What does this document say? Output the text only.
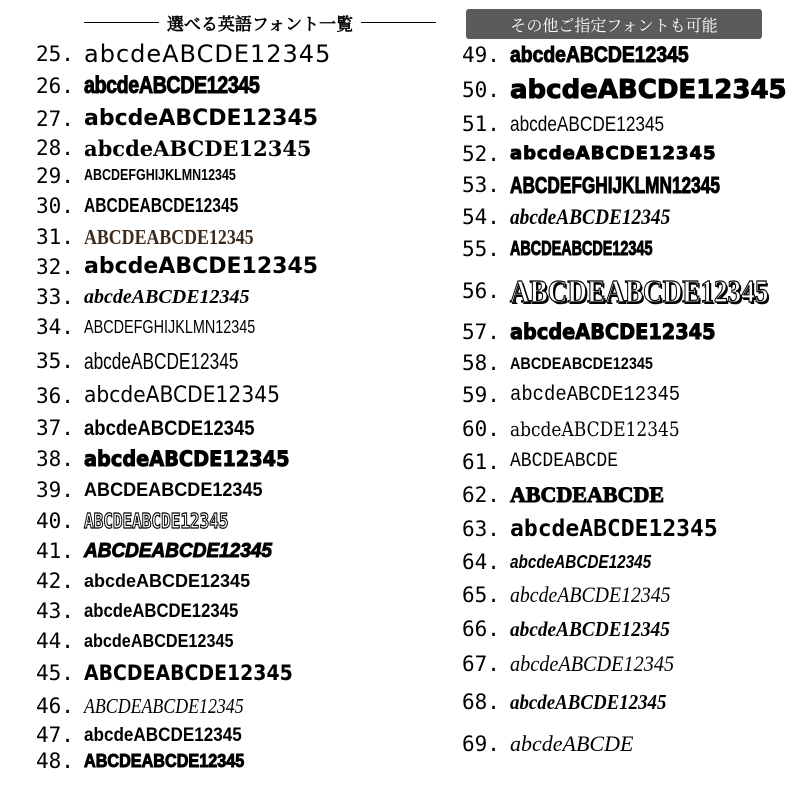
選べる英語フォント一覧	その他ご指定フォントも可能
25. abcdeABCDE12345
26. abcdeABCDE12345
27. abcdeABCDE12345
28. abcdeABCDE12345
29. ABCDEFGHIJKLMN12345
30. ABCDEABCDE12345
31. ABCDEABCDE12345
32. abcdeABCDE12345
33. abcdeABCDE12345
34. ABCDEFGHIJKLMN12345
35. abcdeABCDE12345
36. abcdeABCDE12345
37. abcdeABCDE12345
38. abcdeABCDE12345
39. ABCDEABCDE12345
40. ABCDEABCDE12345
41. ABCDEABCDE12345
42. abcdeABCDE12345
43. abcdeABCDE12345
44. abcdeABCDE12345
45. ABCDEABCDE12345
46. ABCDEABCDE12345
47. abcdeABCDE12345
48. ABCDEABCDE12345
49. abcdeABCDE12345
50. abcdeABCDE12345
51. abcdeABCDE12345
52. abcdeABCDE12345
53. ABCDEFGHIJKLMN12345
54. abcdeABCDE12345
55. ABCDEABCDE12345
56. ABCDEABCDE12345
57. abcdeABCDE12345
58. ABCDEABCDE12345
59. abcdeABCDE12345
60. abcdeABCDE12345
61. ABCDEABCDE
62. ABCDEABCDE
63. abcdeABCDE12345
64. abcdeABCDE12345
65. abcdeABCDE12345
66. abcdeABCDE12345
67. abcdeABCDE12345
68. abcdeABCDE12345
69. abcdeABCDE
